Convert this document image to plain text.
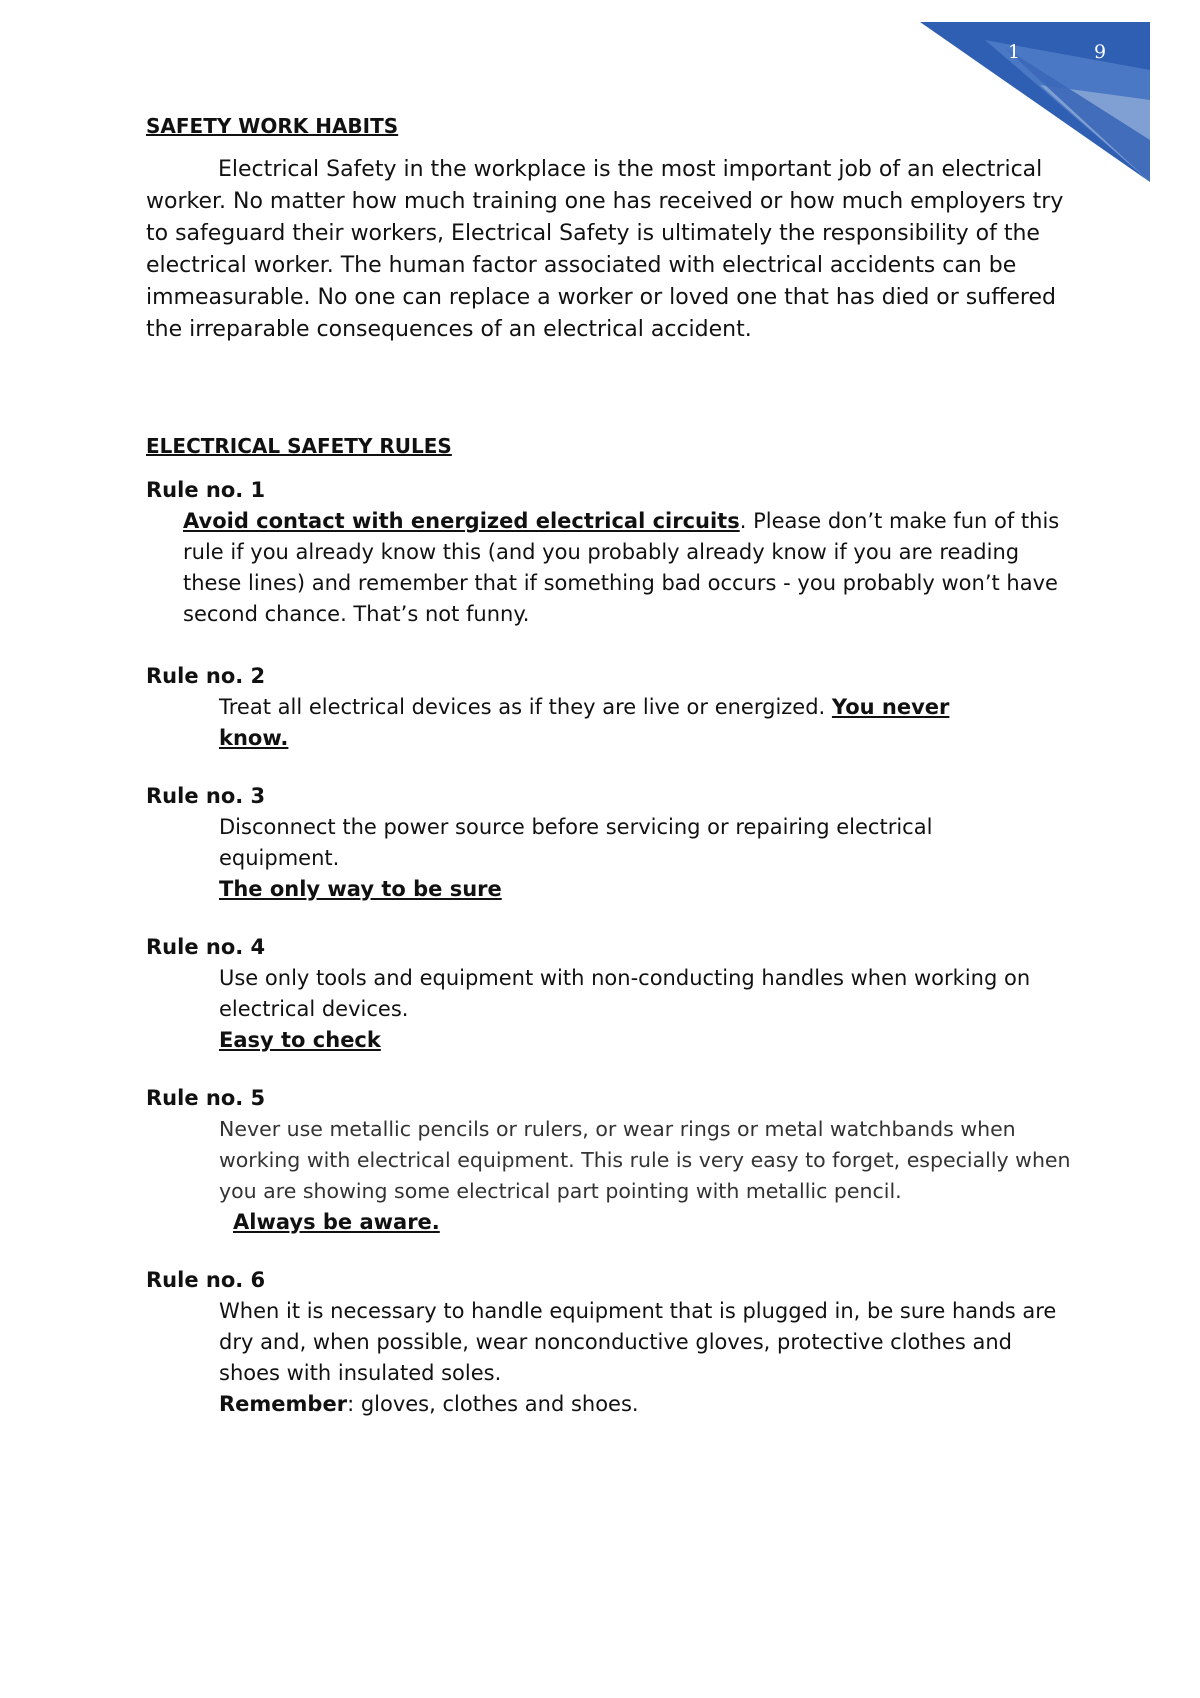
1	9

SAFETY WORK HABITS

Electrical Safety in the workplace is the most important job of an electrical worker. No matter how much training one has received or how much employers try to safeguard their workers, Electrical Safety is ultimately the responsibility of the electrical worker. The human factor associated with electrical accidents can be immeasurable. No one can replace a worker or loved one that has died or suffered the irreparable consequences of an electrical accident.

ELECTRICAL SAFETY RULES

Rule no. 1

Avoid contact with energized electrical circuits. Please don’t make fun of this rule if you already know this (and you probably already know if you are reading these lines) and remember that if something bad occurs - you probably won’t have second chance. That’s not funny.

Rule no. 2

Treat all electrical devices as if they are live or energized. You never know.

Rule no. 3

Disconnect the power source before servicing or repairing electrical equipment.

The only way to be sure

Rule no. 4

Use only tools and equipment with non-conducting handles when working on electrical devices.

Easy to check

Rule no. 5

Never use metallic pencils or rulers, or wear rings or metal watchbands when working with electrical equipment. This rule is very easy to forget, especially when you are showing some electrical part pointing with metallic pencil.

Always be aware.

Rule no. 6

When it is necessary to handle equipment that is plugged in, be sure hands are dry and, when possible, wear nonconductive gloves, protective clothes and shoes with insulated soles.

Remember: gloves, clothes and shoes.
